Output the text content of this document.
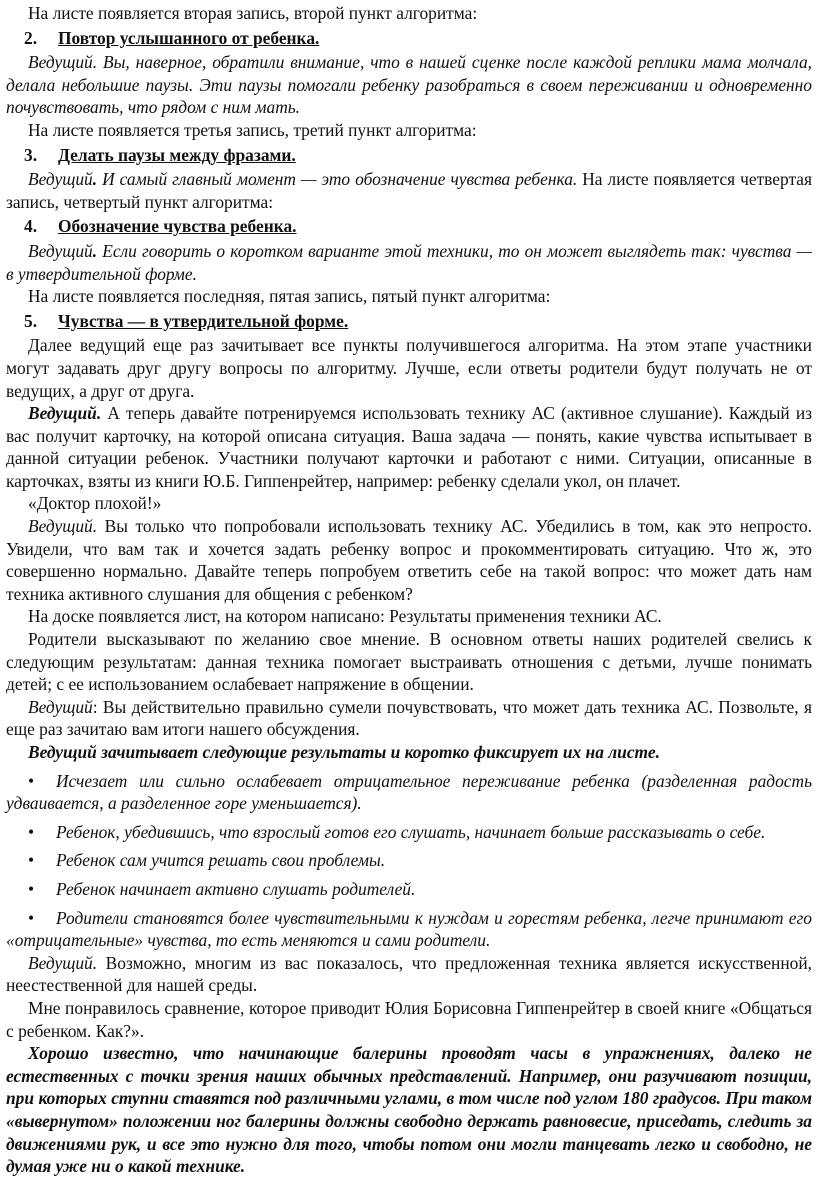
На листе появляется вторая запись, второй пункт алгоритма:

2. Повтор услышанного от ребенка.

Ведущий. Вы, наверное, обратили внимание, что в нашей сценке после каждой реплики мама молчала, делала небольшие паузы. Эти паузы помогали ребенку разобраться в своем переживании и одновременно почувствовать, что рядом с ним мать.

На листе появляется третья запись, третий пункт алгоритма:

3. Делать паузы между фразами.

Ведущий. И самый главный момент — это обозначение чувства ребенка. На листе появляется четвертая запись, четвертый пункт алгоритма:

4. Обозначение чувства ребенка.

Ведущий. Если говорить о коротком варианте этой техники, то он может выглядеть так: чувства — в утвердительной форме.

На листе появляется последняя, пятая запись, пятый пункт алгоритма:

5. Чувства — в утвердительной форме.

Далее ведущий еще раз зачитывает все пункты получившегося алгоритма. На этом этапе участники могут задавать друг другу вопросы по алгоритму. Лучше, если ответы родители будут получать не от ведущих, а друг от друга.

Ведущий. А теперь давайте потренируемся использовать технику АС (активное слушание). Каждый из вас получит карточку, на которой описана ситуация. Ваша задача — понять, какие чувства испытывает в данной ситуации ребенок. Участники получают карточки и работают с ними. Ситуации, описанные в карточках, взяты из книги Ю.Б. Гиппенрейтер, например: ребенку сделали укол, он плачет.

«Доктор плохой!»

Ведущий. Вы только что попробовали использовать технику АС. Убедились в том, как это непросто. Увидели, что вам так и хочется задать ребенку вопрос и прокомментировать ситуацию. Что ж, это совершенно нормально. Давайте теперь попробуем ответить себе на такой вопрос: что может дать нам техника активного слушания для общения с ребенком?

На доске появляется лист, на котором написано: Результаты применения техники АС.

Родители высказывают по желанию свое мнение. В основном ответы наших родителей свелись к следующим результатам: данная техника помогает выстраивать отношения с детьми, лучше понимать детей; с ее использованием ослабевает напряжение в общении.

Ведущий: Вы действительно правильно сумели почувствовать, что может дать техника АС. Позвольте, я еще раз зачитаю вам итоги нашего обсуждения.

Ведущий зачитывает следующие результаты и коротко фиксирует их на листе.

• Исчезает или сильно ослабевает отрицательное переживание ребенка (разделенная радость удваивается, а разделенное горе уменьшается).

• Ребенок, убедившись, что взрослый готов его слушать, начинает больше рассказывать о себе.

• Ребенок сам учится решать свои проблемы.

• Ребенок начинает активно слушать родителей.

• Родители становятся более чувствительными к нуждам и горестям ребенка, легче принимают его «отрицательные» чувства, то есть меняются и сами родители.

Ведущий. Возможно, многим из вас показалось, что предложенная техника является искусственной, неестественной для нашей среды.

Мне понравилось сравнение, которое приводит Юлия Борисовна Гиппенрейтер в своей книге «Общаться с ребенком. Как?».

Хорошо известно, что начинающие балерины проводят часы в упражнениях, далеко не естественных с точки зрения наших обычных представлений. Например, они разучивают позиции, при которых ступни ставятся под различными углами, в том числе под углом 180 градусов. При таком «вывернутом» положении ног балерины должны свободно держать равновесие, приседать, следить за движениями рук, и все это нужно для того, чтобы потом они могли танцевать легко и свободно, не думая уже ни о какой технике.
